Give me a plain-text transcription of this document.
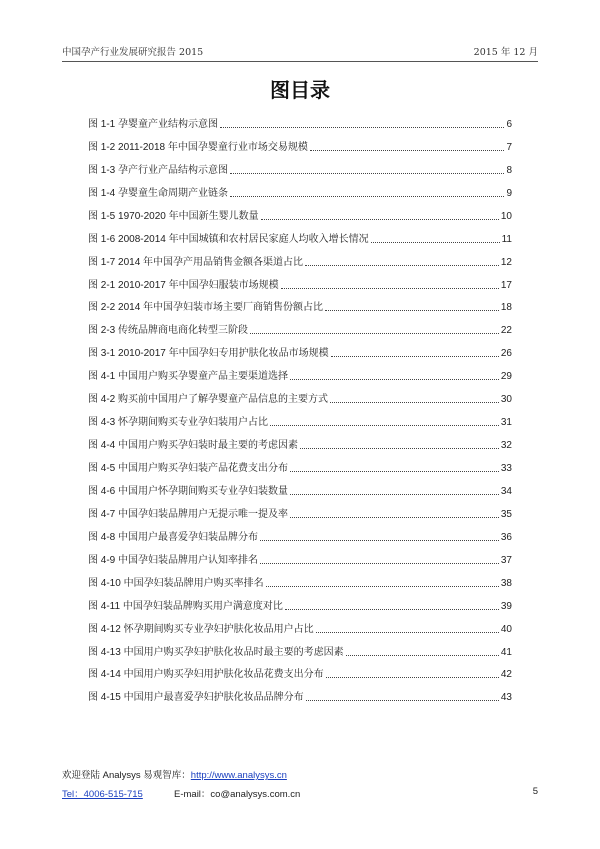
中国孕产行业发展研究报告 2015	2015 年 12 月
图目录
图 1-1 孕婴童产业结构示意图	6
图 1-2 2011-2018 年中国孕婴童行业市场交易规模	7
图 1-3 孕产行业产品结构示意图	8
图 1-4 孕婴童生命周期产业链条	9
图 1-5 1970-2020 年中国新生婴儿数量	10
图 1-6 2008-2014 年中国城镇和农村居民家庭人均收入增长情况	11
图 1-7 2014 年中国孕产用品销售金额各渠道占比	12
图 2-1 2010-2017 年中国孕妇服装市场规模	17
图 2-2 2014 年中国孕妇装市场主要厂商销售份额占比	18
图 2-3 传统品牌商电商化转型三阶段	22
图 3-1 2010-2017 年中国孕妇专用护肤化妆品市场规模	26
图 4-1 中国用户购买孕婴童产品主要渠道选择	29
图 4-2 购买前中国用户了解孕婴童产品信息的主要方式	30
图 4-3 怀孕期间购买专业孕妇装用户占比	31
图 4-4 中国用户购买孕妇装时最主要的考虑因素	32
图 4-5 中国用户购买孕妇装产品花费支出分布	33
图 4-6 中国用户怀孕期间购买专业孕妇装数量	34
图 4-7 中国孕妇装品牌用户无提示唯一提及率	35
图 4-8 中国用户最喜爱孕妇装品牌分布	36
图 4-9 中国孕妇装品牌用户认知率排名	37
图 4-10 中国孕妇装品牌用户购买率排名	38
图 4-11 中国孕妇装品牌购买用户满意度对比	39
图 4-12 怀孕期间购买专业孕妇护肤化妆品用户占比	40
图 4-13 中国用户购买孕妇护肤化妆品时最主要的考虑因素	41
图 4-14 中国用户购买孕妇用护肤化妆品花费支出分布	42
图 4-15 中国用户最喜爱孕妇护肤化妆品品牌分布	43
欢迎登陆 Analysys 易观智库：http://www.analysys.cn
Tel：4006-515-715	E-mail：co@analysys.com.cn	5
